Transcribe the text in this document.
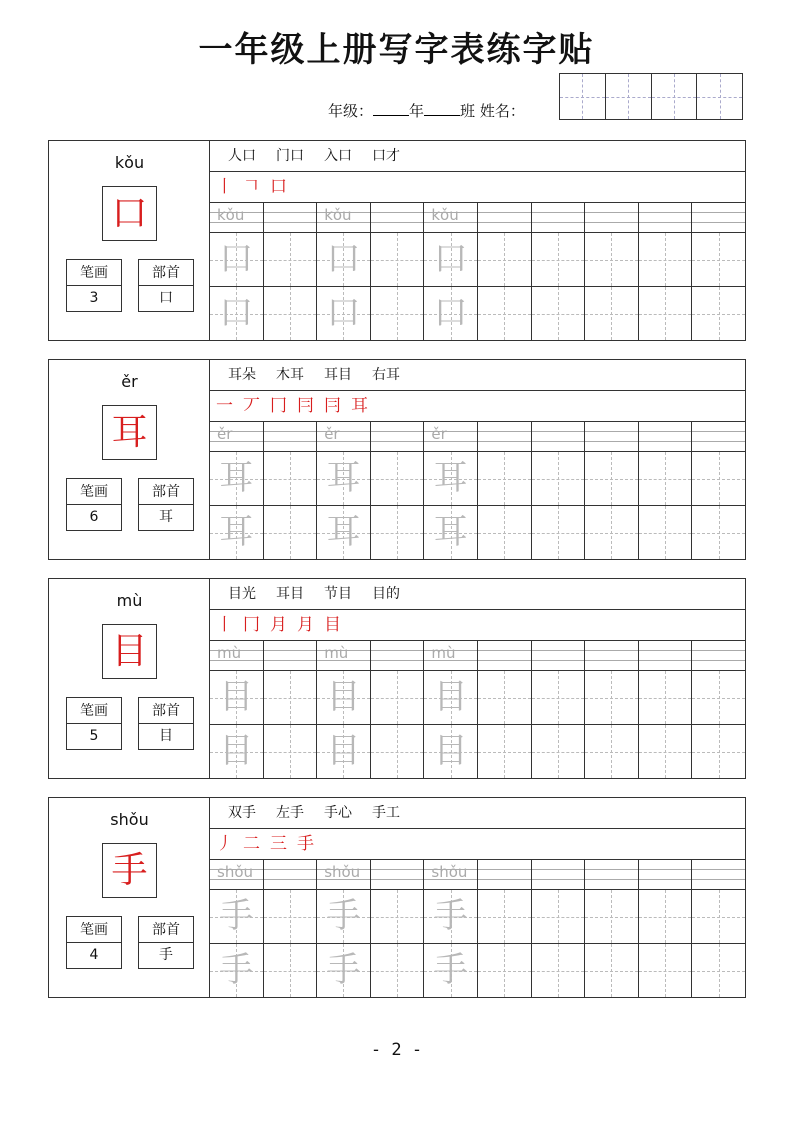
一年级上册写字表练字贴
年级： 年 班 姓名：
kǒu
口
笔画
3
部首
口
人口 门口 入口 口才
丨 𠃍 口
kǒu	kǒu	kǒu
口 口 口
口 口 口
ěr
耳
笔画
6
部首
耳
耳朵 木耳 耳目 右耳
一 丆 冂 冃 冃 耳
ěr	ěr	ěr
耳 耳 耳
耳 耳 耳
mù
目
笔画
5
部首
目
目光 耳目 节目 目的
丨 冂 月 月 目
mù	mù	mù
目 目 目
目 目 目
shǒu
手
笔画
4
部首
手
双手 左手 手心 手工
丿 二 三 手
shǒu	shǒu	shǒu
手 手 手
手 手 手
- 2 -
